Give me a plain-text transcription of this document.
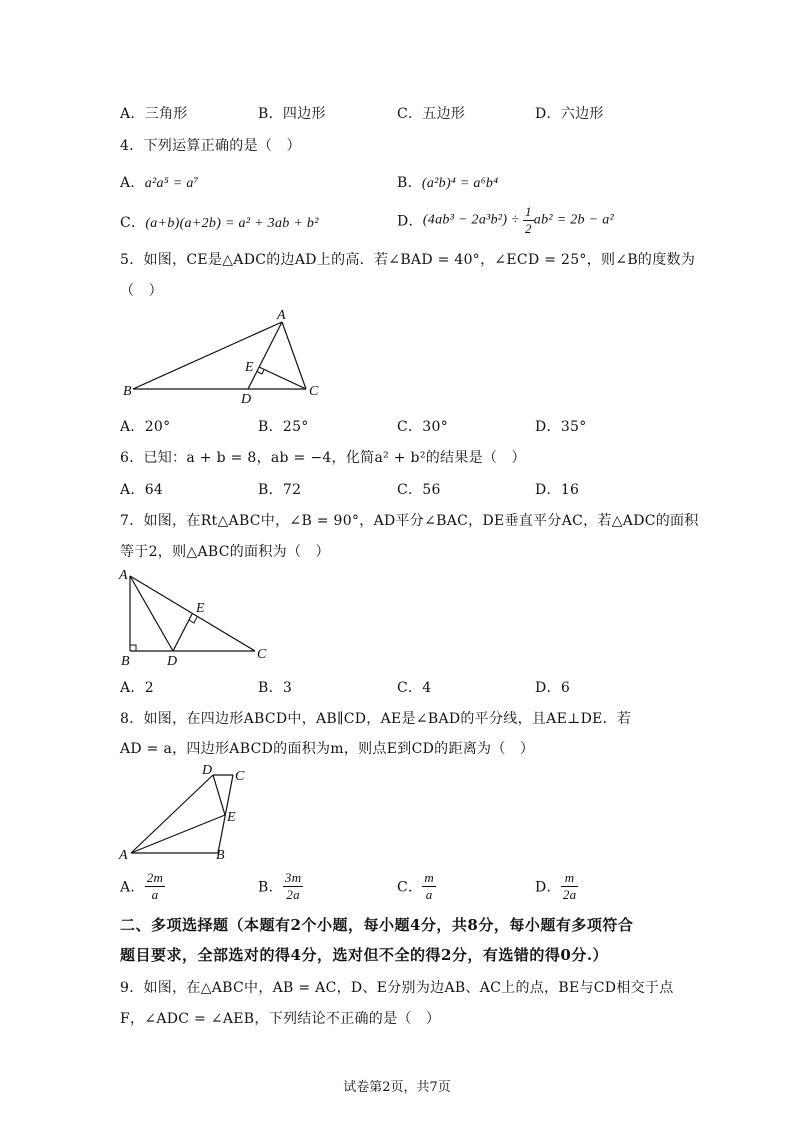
A．三角形	B．四边形	C．五边形	D．六边形
4．下列运算正确的是（　）
A．a²a⁵ = a⁷	B．(a²b)⁴ = a⁶b⁴
C．(a+b)(a+2b) = a² + 3ab + b²	D．$(4ab^3 - 2a^3b^2) \div \frac{1}{2} ab^2 = 2b - a^2$
5．如图，CE是△ADC的边AD上的高．若∠BAD = 40°，∠ECD = 25°，则∠B的度数为
（　）
A
B	C
D
E
A．20°	B．25°	C．30°	D．35°
6．已知：a + b = 8，ab = −4，化简a² + b²的结果是（　）
A．64	B．72	C．56	D．16
7．如图，在Rt△ABC中，∠B = 90°，AD平分∠BAC，DE垂直平分AC，若△ADC的面积
等于2，则△ABC的面积为（　）
A
B	C
D
E
A．2	B．3	C．4	D．6
8．如图，在四边形ABCD中，AB∥CD，AE是∠BAD的平分线，且AE⊥DE．若
AD = a，四边形ABCD的面积为m，则点E到CD的距离为（　）
D C
E
A	B
A． $\frac{2m}{a}$	B． $\frac{3m}{2a}$	C． $\frac{m}{a}$	D． $\frac{m}{2a}$
二、多项选择题（本题有2个小题，每小题4分，共8分，每小题有多项符合
题目要求，全部选对的得4分，选对但不全的得2分，有选错的得0分.）
9．如图，在△ABC中，AB = AC，D、E分别为边AB、AC上的点，BE与CD相交于点
F，∠ADC = ∠AEB，下列结论不正确的是（　）
试卷第2页，共7页
